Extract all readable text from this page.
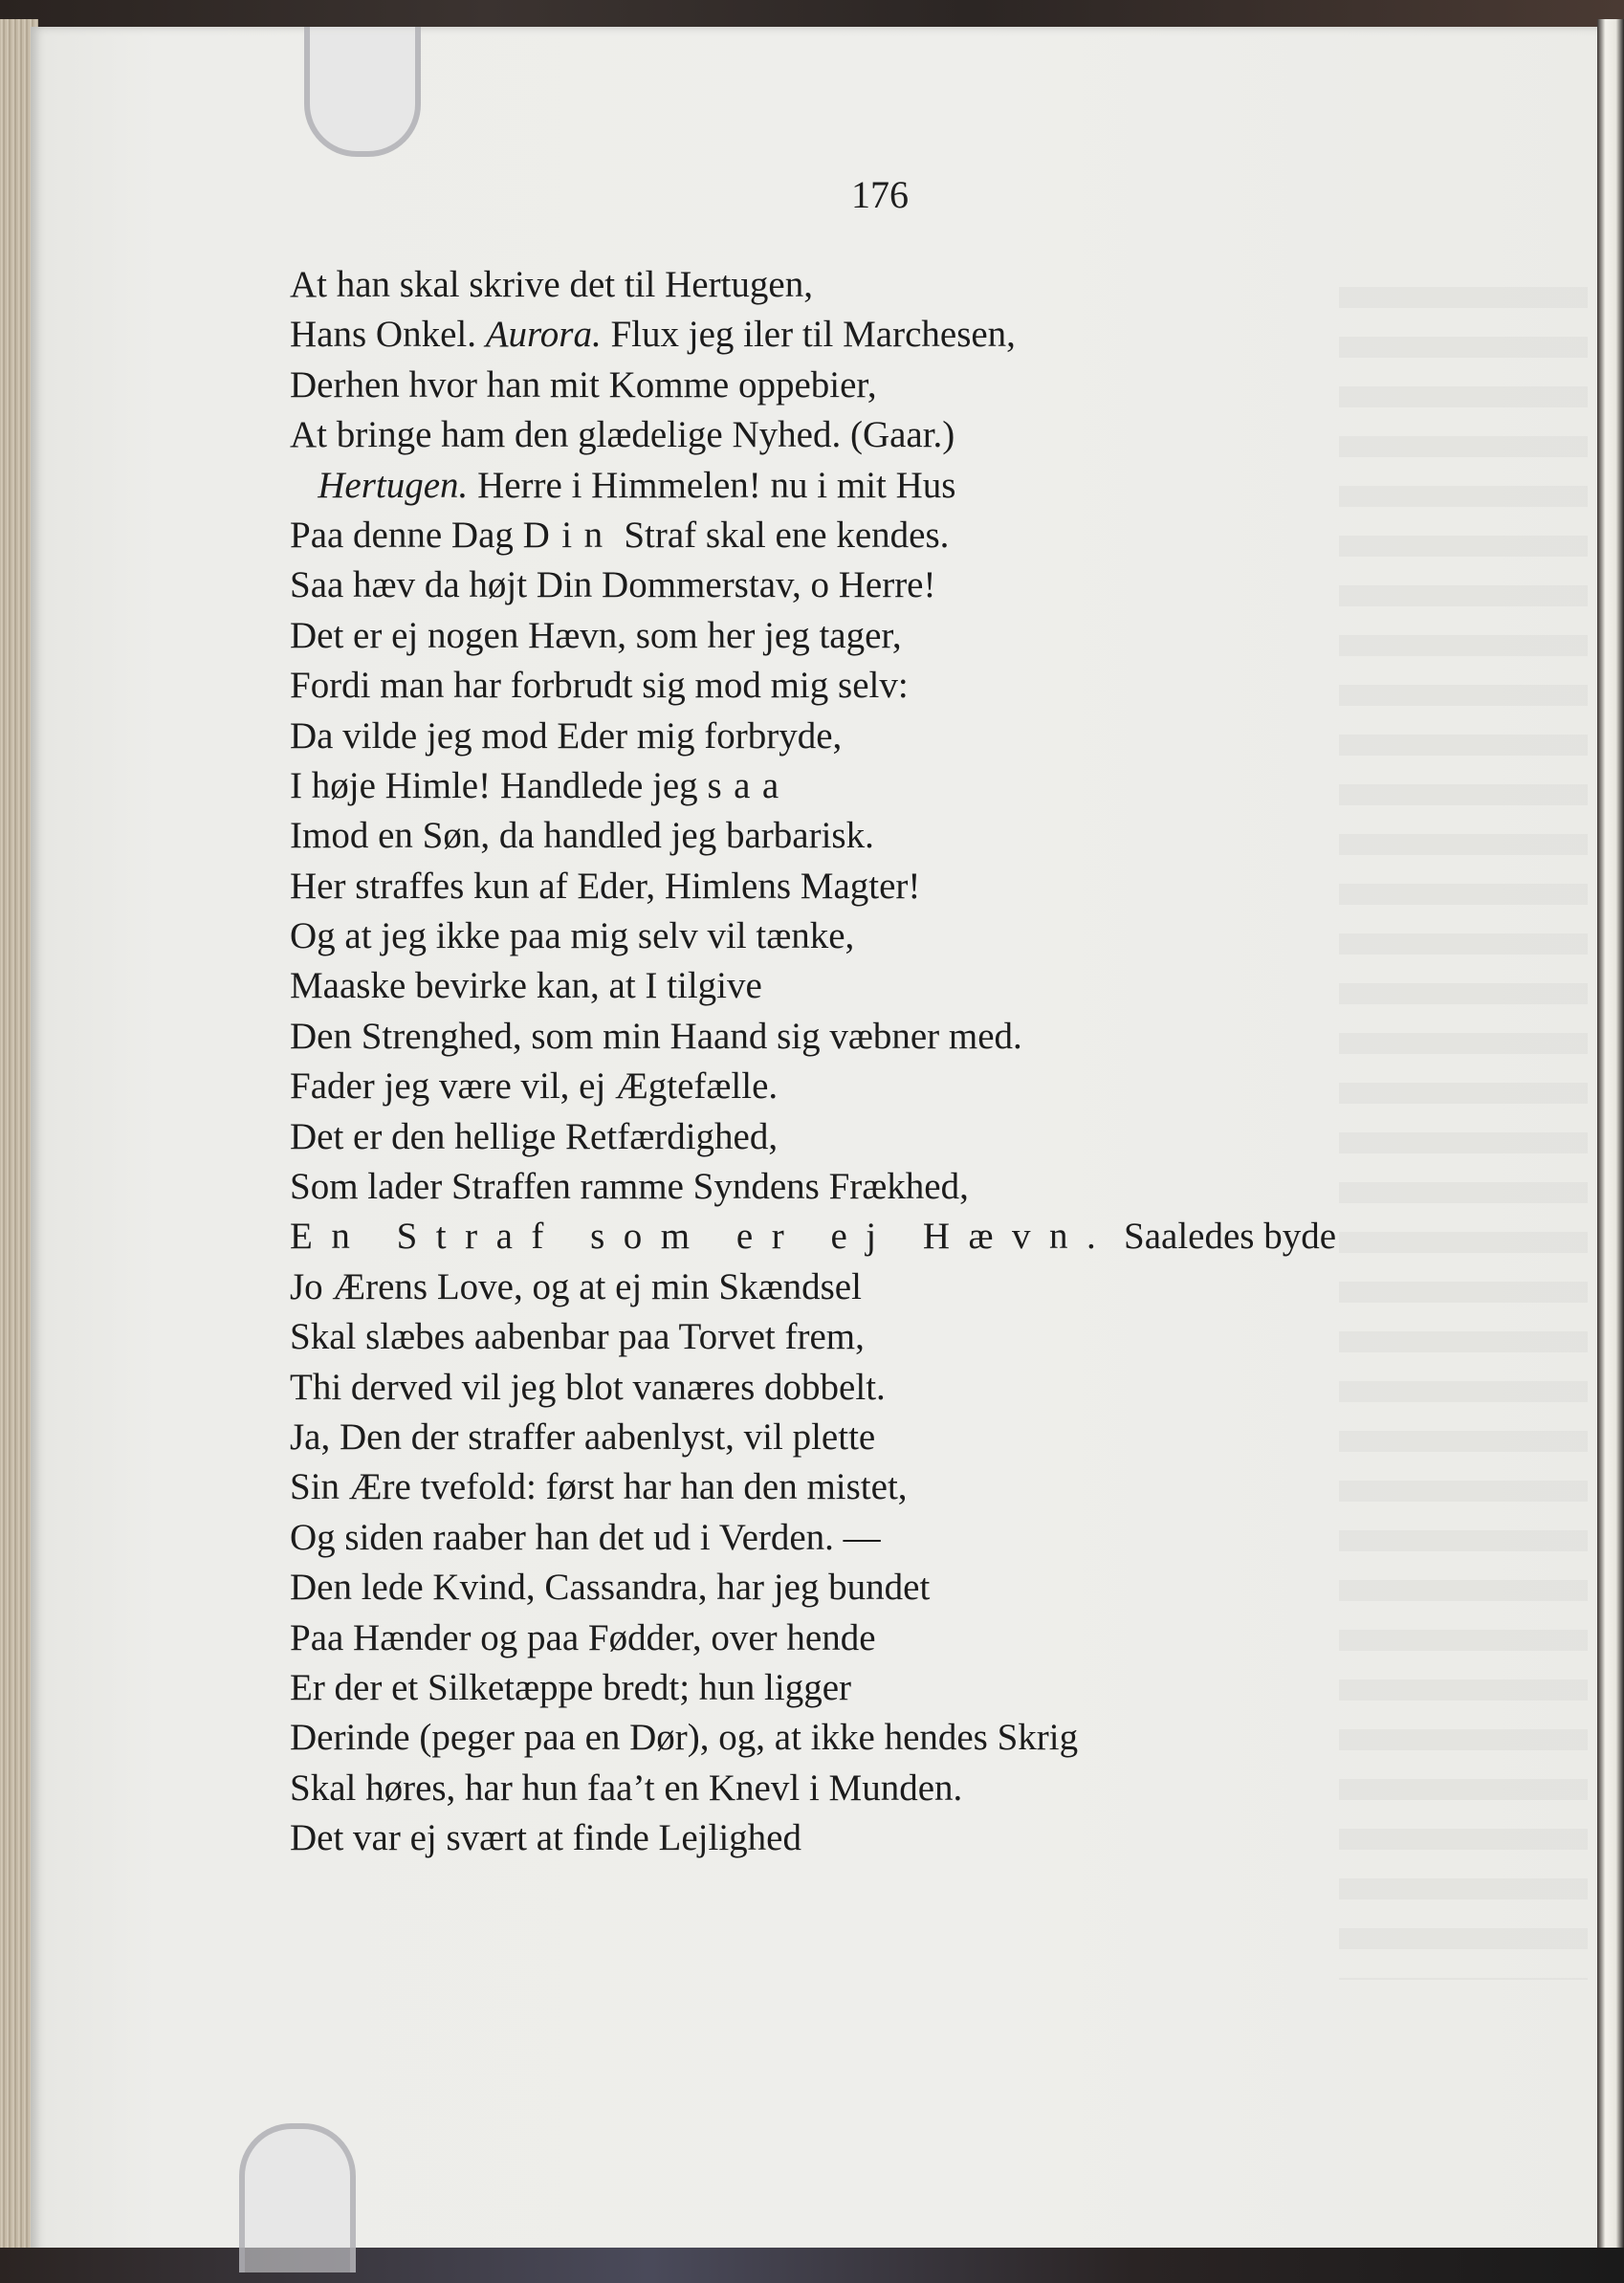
176
At han skal skrive det til Hertugen,
Hans Onkel. Aurora. Flux jeg iler til Marchesen,
Derhen hvor han mit Komme oppebier,
At bringe ham den glædelige Nyhed. (Gaar.)
Hertugen. Herre i Himmelen! nu i mit Hus
Paa denne Dag Din Straf skal ene kendes.
Saa hæv da højt Din Dommerstav, o Herre!
Det er ej nogen Hævn, som her jeg tager,
Fordi man har forbrudt sig mod mig selv:
Da vilde jeg mod Eder mig forbryde,
I høje Himle! Handlede jeg saa
Imod en Søn, da handled jeg barbarisk.
Her straffes kun af Eder, Himlens Magter!
Og at jeg ikke paa mig selv vil tænke,
Maaske bevirke kan, at I tilgive
Den Strenghed, som min Haand sig væbner med.
Fader jeg være vil, ej Ægtefælle.
Det er den hellige Retfærdighed,
Som lader Straffen ramme Syndens Frækhed,
En Straf som er ej Hævn. Saaledes byde
Jo Ærens Love, og at ej min Skændsel
Skal slæbes aabenbar paa Torvet frem,
Thi derved vil jeg blot vanæres dobbelt.
Ja, Den der straffer aabenlyst, vil plette
Sin Ære tvefold: først har han den mistet,
Og siden raaber han det ud i Verden. —
Den lede Kvind, Cassandra, har jeg bundet
Paa Hænder og paa Fødder, over hende
Er der et Silketæppe bredt; hun ligger
Derinde (peger paa en Dør), og, at ikke hendes Skrig
Skal høres, har hun faa’t en Knevl i Munden.
Det var ej svært at finde Lejlighed
